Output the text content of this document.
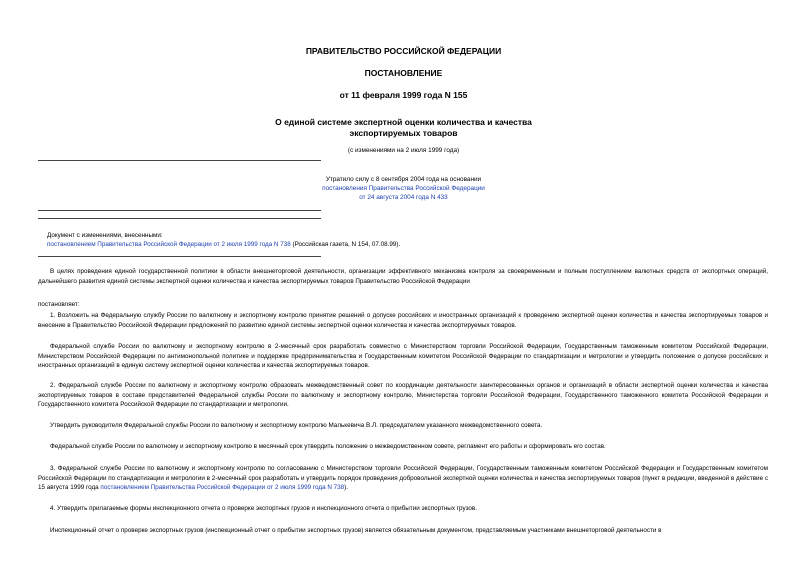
ПРАВИТЕЛЬСТВО РОССИЙСКОЙ ФЕДЕРАЦИИ
ПОСТАНОВЛЕНИЕ
от 11 февраля 1999 года N 155
О единой системе экспертной оценки количества и качества
экспортируемых товаров
(с изменениями на 2 июля 1999 года)
Утратило силу с 8 сентября 2004 года на основании
постановления Правительства Российской Федерации
от 24 августа 2004 года N 433
Документ с изменениями, внесенными:
постановлением Правительства Российской Федерации от 2 июля 1999 года N 738 (Российская газета, N 154, 07.08.99).
В целях проведения единой государственной политики в области внешнеторговой деятельности, организации эффективного механизма контроля за своевременным и полным поступлением валютных средств от экспортных операций, дальнейшего развития единой системы экспертной оценки количества и качества экспортируемых товаров Правительство Российской Федерации
постановляет:
1. Возложить на Федеральную службу России по валютному и экспортному контролю принятие решений о допуске российских и иностранных организаций к проведению экспертной оценки количества и качества экспортируемых товаров и внесение в Правительство Российской Федерации предложений по развитию единой системы экспертной оценки количества и качества экспортируемых товаров.
Федеральной службе России по валютному и экспортному контролю в 2-месячный срок разработать совместно с Министерством торговли Российской Федерации, Государственным таможенным комитетом Российской Федерации, Министерством Российской Федерации по антимонопольной политике и поддержке предпринимательства и Государственным комитетом Российской Федерации по стандартизации и метрологии и утвердить положение о допуске российских и иностранных организаций в единую систему экспертной оценки количества и качества экспортируемых товаров.
2. Федеральной службе России по валютному и экспортному контролю образовать межведомственный совет по координации деятельности заинтересованных органов и организаций в области экспертной оценки количества и качества экспортируемых товаров в составе представителей Федеральной службы России по валютному и экспортному контролю, Министерства торговли Российской Федерации, Государственного таможенного комитета Российской Федерации и Государственного комитета Российской Федерации по стандартизации и метрологии.
Утвердить руководителя Федеральной службы России по валютному и экспортному контролю Малькевича В.Л. председателем указанного межведомственного совета.
Федеральной службе России по валютному и экспортному контролю в месячный срок утвердить положение о межведомственном совете, регламент его работы и сформировать его состав.
3. Федеральной службе России по валютному и экспортному контролю по согласованию с Министерством торговли Российской Федерации, Государственным таможенным комитетом Российской Федерации и Государственным комитетом Российской Федерации по стандартизации и метрологии в 2-месячный срок разработать и утвердить порядок проведения добровольной экспертной оценки количества и качества экспортируемых товаров (пункт в редакции, введенной в действие с 15 августа 1999 года постановлением Правительства Российской Федерации от 2 июля 1999 года N 738).
4. Утвердить прилагаемые формы инспекционного отчета о проверке экспортных грузов и инспекционного отчета о прибытии экспортных грузов.
Инспекционный отчет о проверке экспортных грузов (инспекционный отчет о прибытии экспортных грузов) является обязательным документом, представляемым участниками внешнеторговой деятельности в
